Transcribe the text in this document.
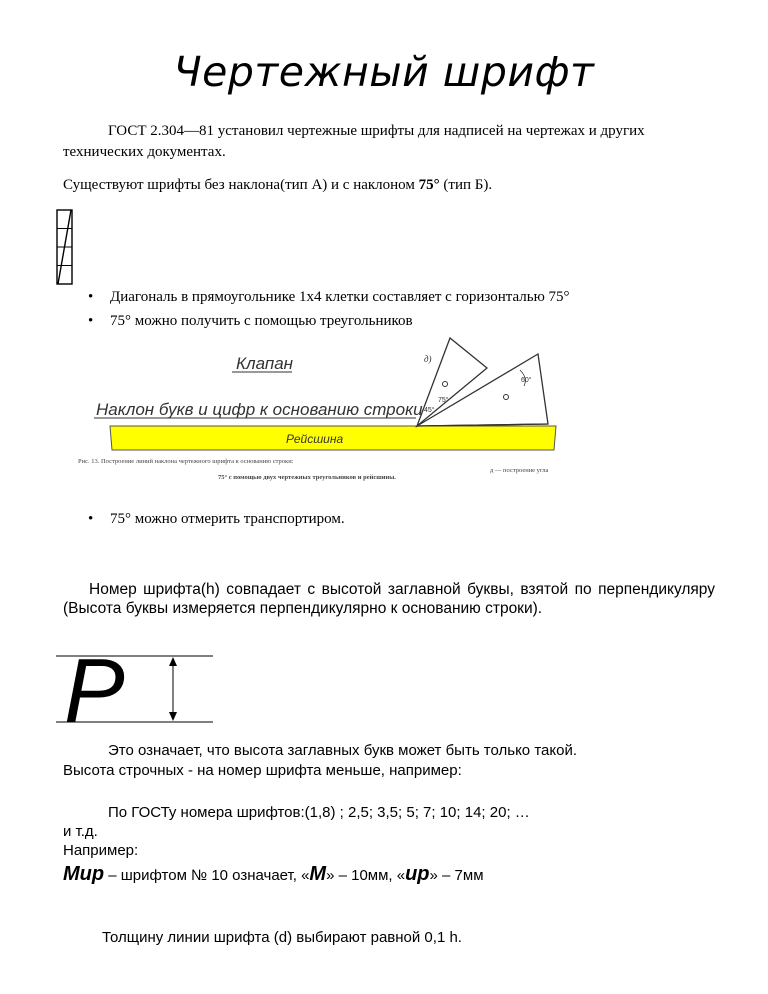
Чертежный шрифт
ГОСТ 2.304—81 установил чертежные шрифты для надписей на чертежах и других технических документах.
Существуют шрифты без наклона(тип А) и с наклоном 75° (тип Б).
• Диагональ в прямоугольнике 1х4 клетки составляет с горизонталью 75°
• 75° можно получить с помощью треугольников
Клапан
Наклон букв и цифр к основанию строки
Рейсшина
60°
75°
45°
д)
Рис. 13. Построение линий наклона чертежного шрифта к основанию строки:
75° с помощью двух чертежных треугольников и рейсшины.
д — построение угла
• 75° можно отмерить транспортиром.
Номер шрифта(h) совпадает с высотой заглавной буквы, взятой по перпендикуляру (Высота буквы измеряется перпендикулярно к основанию строки).
P
Это означает, что высота заглавных букв может быть только такой.
Высота строчных - на номер шрифта меньше, например:
По ГОСТу номера шрифтов:(1,8) ; 2,5; 3,5; 5; 7; 10; 14; 20; …
и т.д.
Например:
Мир – шрифтом № 10 означает, «М» – 10мм, «ир» – 7мм
Толщину линии шрифта (d) выбирают равной 0,1 h.
